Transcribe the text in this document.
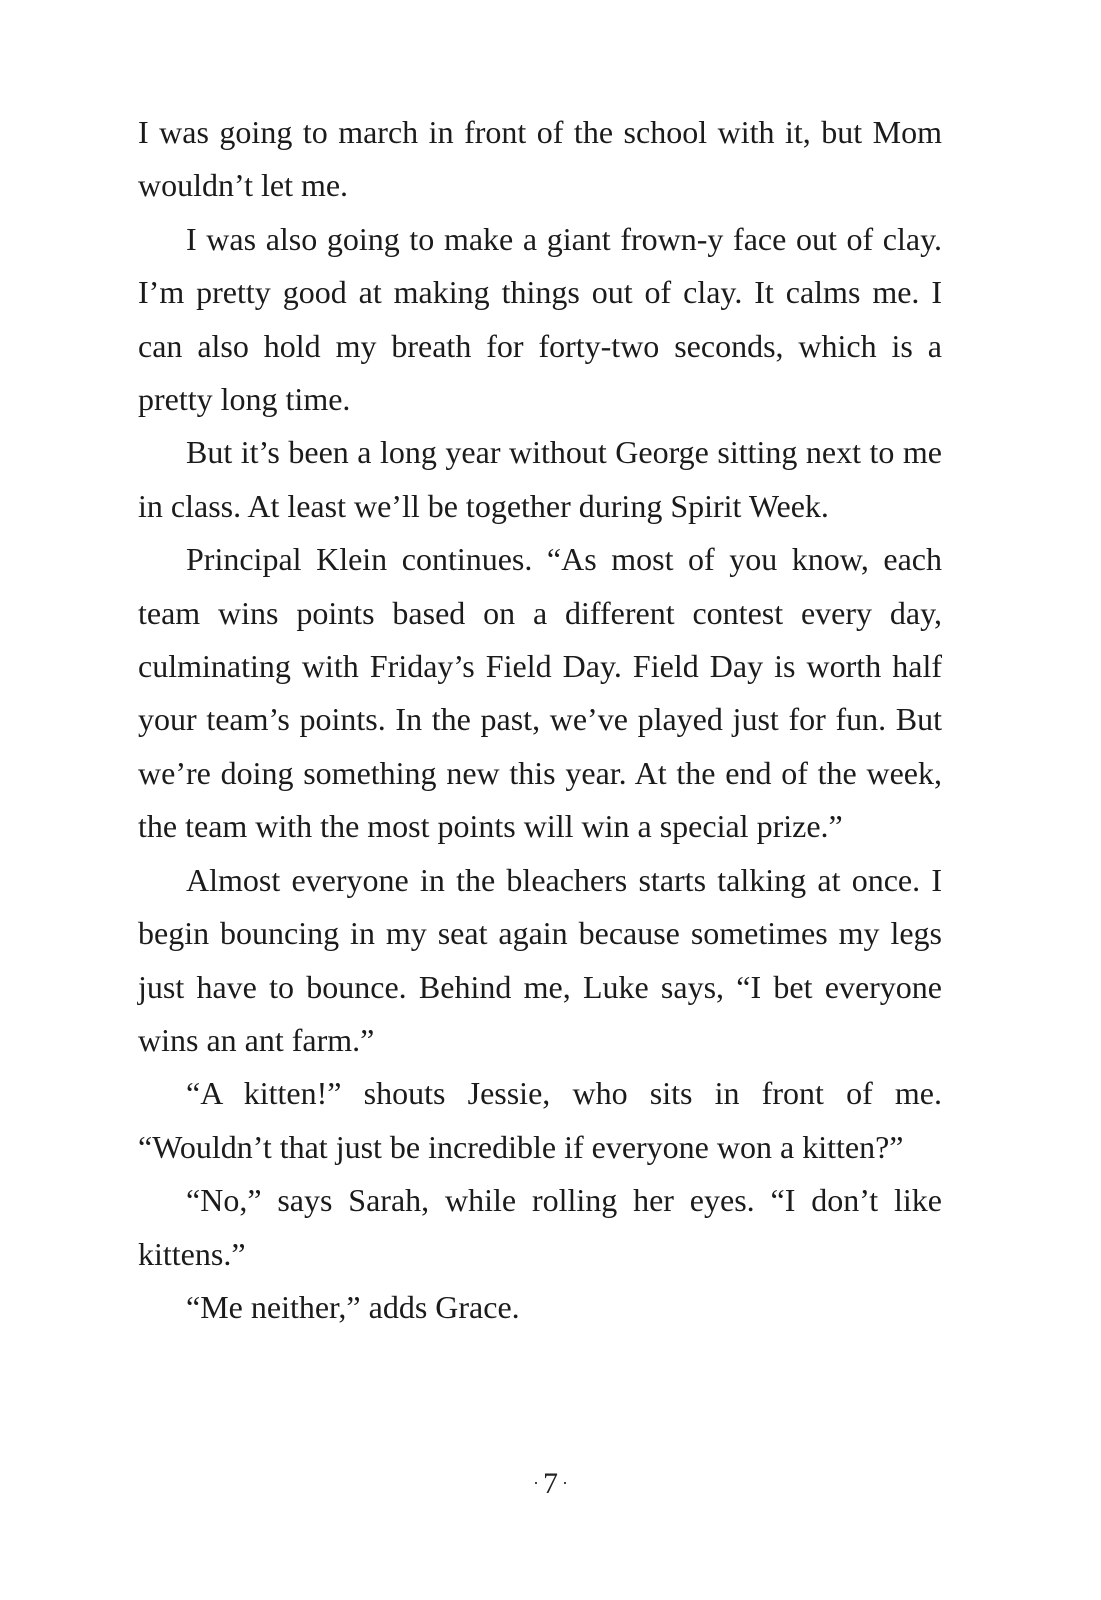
I was going to march in front of the school with it, but Mom wouldn’t let me.

I was also going to make a giant frown-y face out of clay. I’m pretty good at making things out of clay. It calms me. I can also hold my breath for forty-two seconds, which is a pretty long time.

But it’s been a long year without George sitting next to me in class. At least we’ll be together during Spirit Week.

Principal Klein continues. “As most of you know, each team wins points based on a different contest every day, culminating with Friday’s Field Day. Field Day is worth half your team’s points. In the past, we’ve played just for fun. But we’re doing something new this year. At the end of the week, the team with the most points will win a special prize.”

Almost everyone in the bleachers starts talking at once. I begin bouncing in my seat again because sometimes my legs just have to bounce. Behind me, Luke says, “I bet everyone wins an ant farm.”

“A kitten!” shouts Jessie, who sits in front of me. “Wouldn’t that just be incredible if everyone won a kitten?”

“No,” says Sarah, while rolling her eyes. “I don’t like kittens.”

“Me neither,” adds Grace.

· 7 ·
